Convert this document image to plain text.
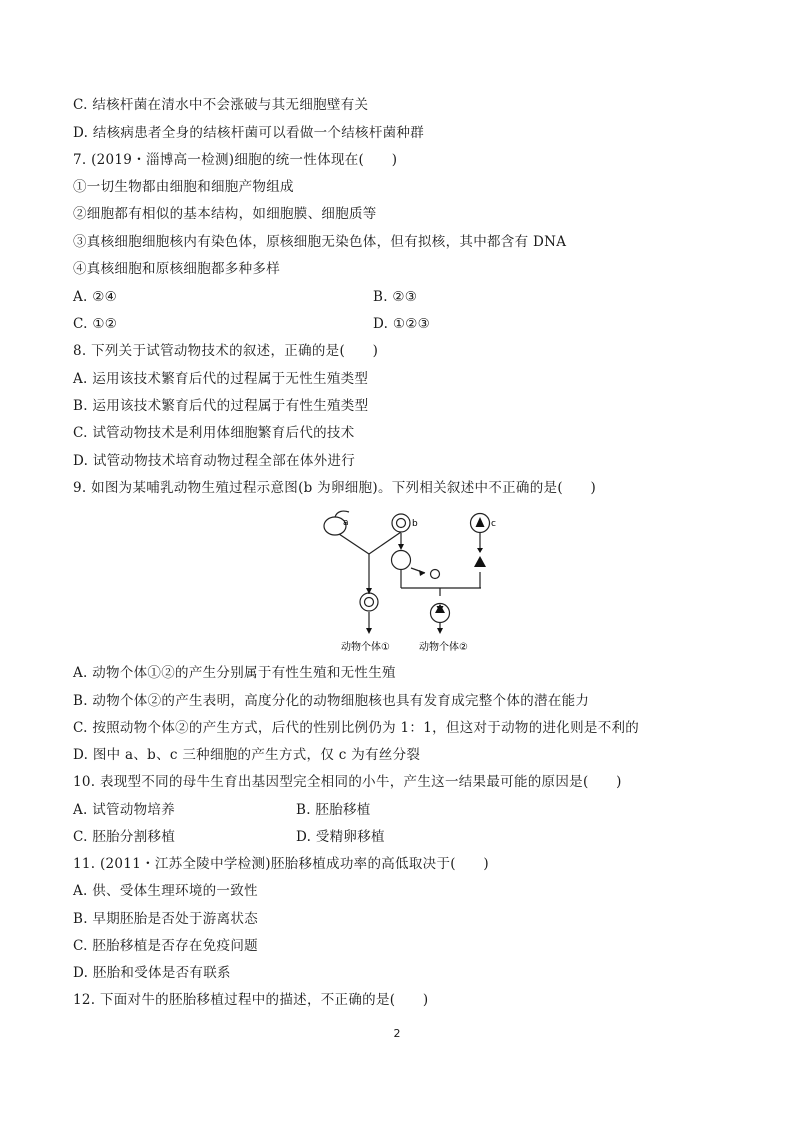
C. 结核杆菌在清水中不会涨破与其无细胞壁有关
D. 结核病患者全身的结核杆菌可以看做一个结核杆菌种群
7. (2019・淄博高一检测)细胞的统一性体现在(　　)
①一切生物都由细胞和细胞产物组成
②细胞都有相似的基本结构，如细胞膜、细胞质等
③真核细胞细胞核内有染色体，原核细胞无染色体，但有拟核，其中都含有 DNA
④真核细胞和原核细胞都多种多样
A. ②④	B. ②③
C. ①②	D. ①②③
8. 下列关于试管动物技术的叙述，正确的是(　　)
A. 运用该技术繁育后代的过程属于无性生殖类型
B. 运用该技术繁育后代的过程属于有性生殖类型
C. 试管动物技术是利用体细胞繁育后代的技术
D. 试管动物技术培育动物过程全部在体外进行
9. 如图为某哺乳动物生殖过程示意图(b 为卵细胞)。下列相关叙述中不正确的是(　　)
a	b	c
动物个体①	动物个体②
A. 动物个体①②的产生分别属于有性生殖和无性生殖
B. 动物个体②的产生表明，高度分化的动物细胞核也具有发育成完整个体的潜在能力
C. 按照动物个体②的产生方式，后代的性别比例仍为 1：1，但这对于动物的进化则是不利的
D. 图中 a、b、c 三种细胞的产生方式，仅 c 为有丝分裂
10. 表现型不同的母牛生育出基因型完全相同的小牛，产生这一结果最可能的原因是(　　)
A. 试管动物培养	B. 胚胎移植
C. 胚胎分割移植	D. 受精卵移植
11. (2011・江苏全陵中学检测)胚胎移植成功率的高低取决于(　　)
A. 供、受体生理环境的一致性
B. 早期胚胎是否处于游离状态
C. 胚胎移植是否存在免疫问题
D. 胚胎和受体是否有联系
12. 下面对牛的胚胎移植过程中的描述，不正确的是(　　)
2
